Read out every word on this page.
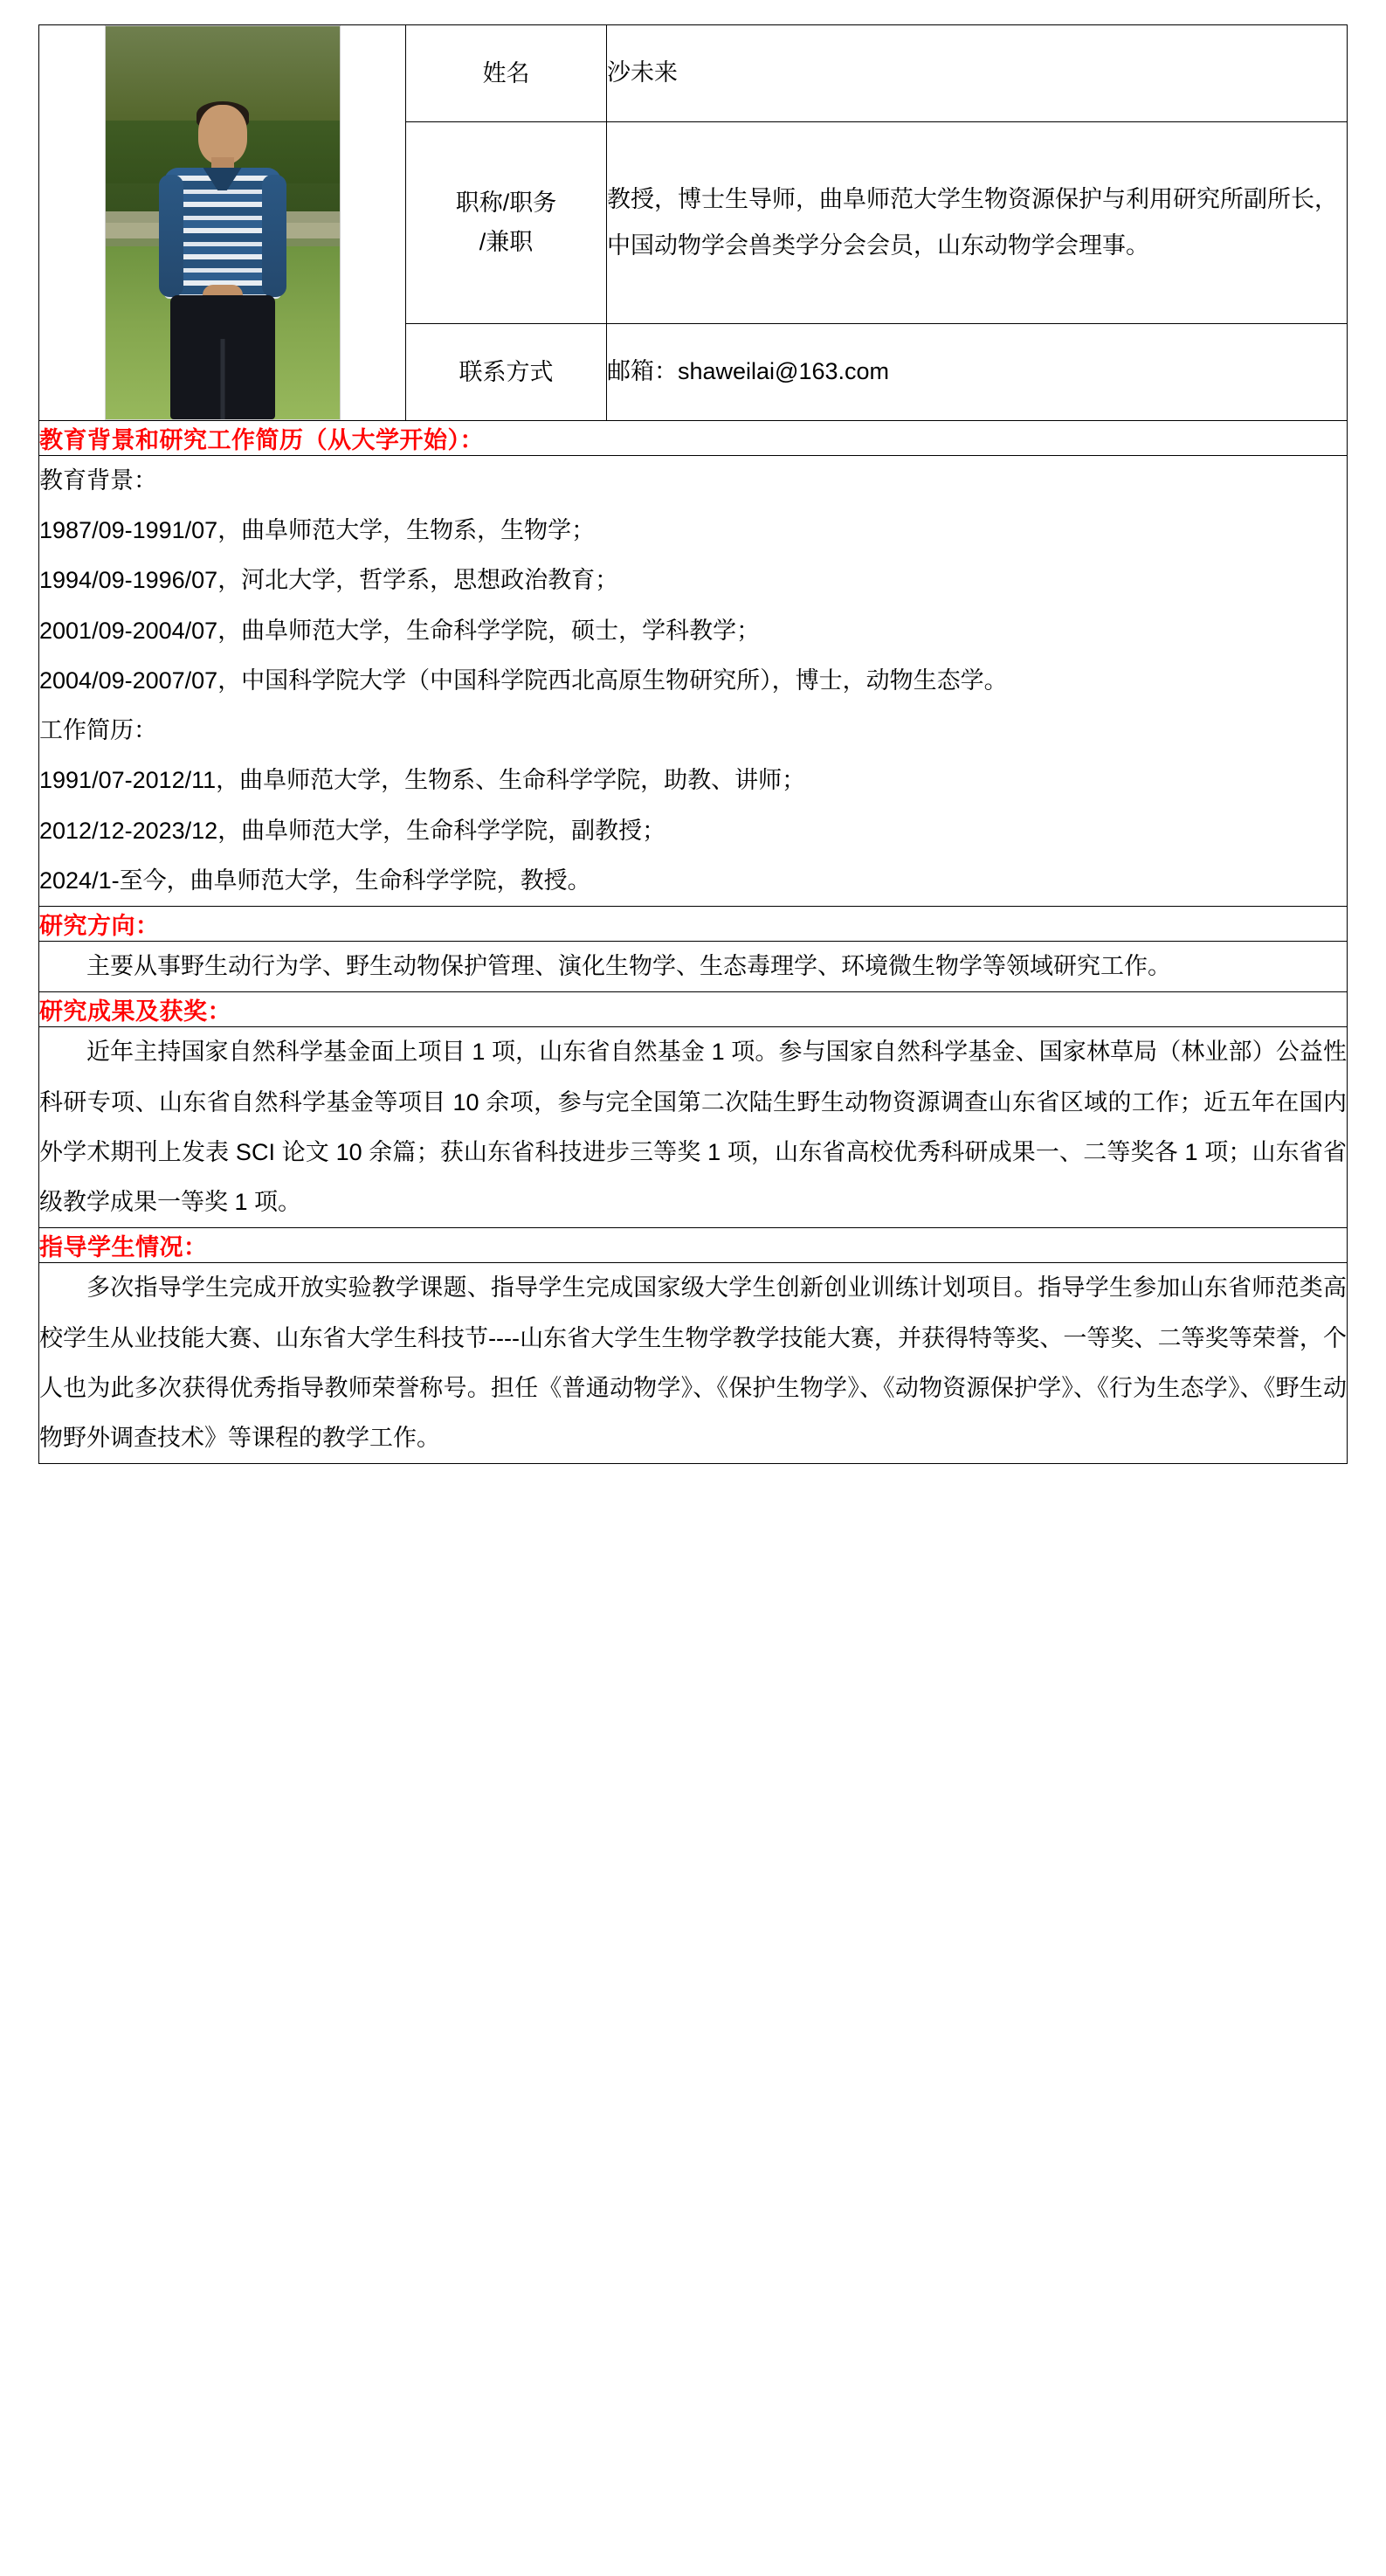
	姓名	沙未来

	职称/职务
/兼职	教授，博士生导师，曲阜师范大学生物资源保护与利用研究所副所长，中国动物学会兽类学分会会员，山东动物学会理事。
	联系方式	邮箱：shaweilai@163.com
教育背景和研究工作简历（从大学开始）：		

教育背景：

1987/09-1991/07，曲阜师范大学，生物系，生物学；

1994/09-1996/07，河北大学，哲学系，思想政治教育；

2001/09-2004/07，曲阜师范大学，生命科学学院，硕士，学科教学；

2004/09-2007/07，中国科学院大学（中国科学院西北高原生物研究所），博士，动物生态学。

工作简历：

1991/07-2012/11，曲阜师范大学，生物系、生命科学学院，助教、讲师；

2012/12-2023/12，曲阜师范大学，生命科学学院，副教授；

2024/1-至今，曲阜师范大学，生命科学学院，教授。

研究方向：		

主要从事野生动行为学、野生动物保护管理、演化生物学、生态毒理学、环境微生物学等领域研究工作。		

研究成果及获奖：		

近年主持国家自然科学基金面上项目 1 项，山东省自然基金 1 项。参与国家自然科学基金、国家林草局（林业部）公益性科研专项、山东省自然科学基金等项目 10 余项，参与完全国第二次陆生野生动物资源调查山东省区域的工作；近五年在国内外学术期刊上发表 SCI 论文 10 余篇；获山东省科技进步三等奖 1 项，山东省高校优秀科研成果一、二等奖各 1 项；山东省省级教学成果一等奖 1 项。		

指导学生情况：		

多次指导学生完成开放实验教学课题、指导学生完成国家级大学生创新创业训练计划项目。指导学生参加山东省师范类高校学生从业技能大赛、山东省大学生科技节----山东省大学生生物学教学技能大赛，并获得特等奖、一等奖、二等奖等荣誉，个人也为此多次获得优秀指导教师荣誉称号。担任《普通动物学》、《保护生物学》、《动物资源保护学》、《行为生态学》、《野生动物野外调查技术》等课程的教学工作。		
